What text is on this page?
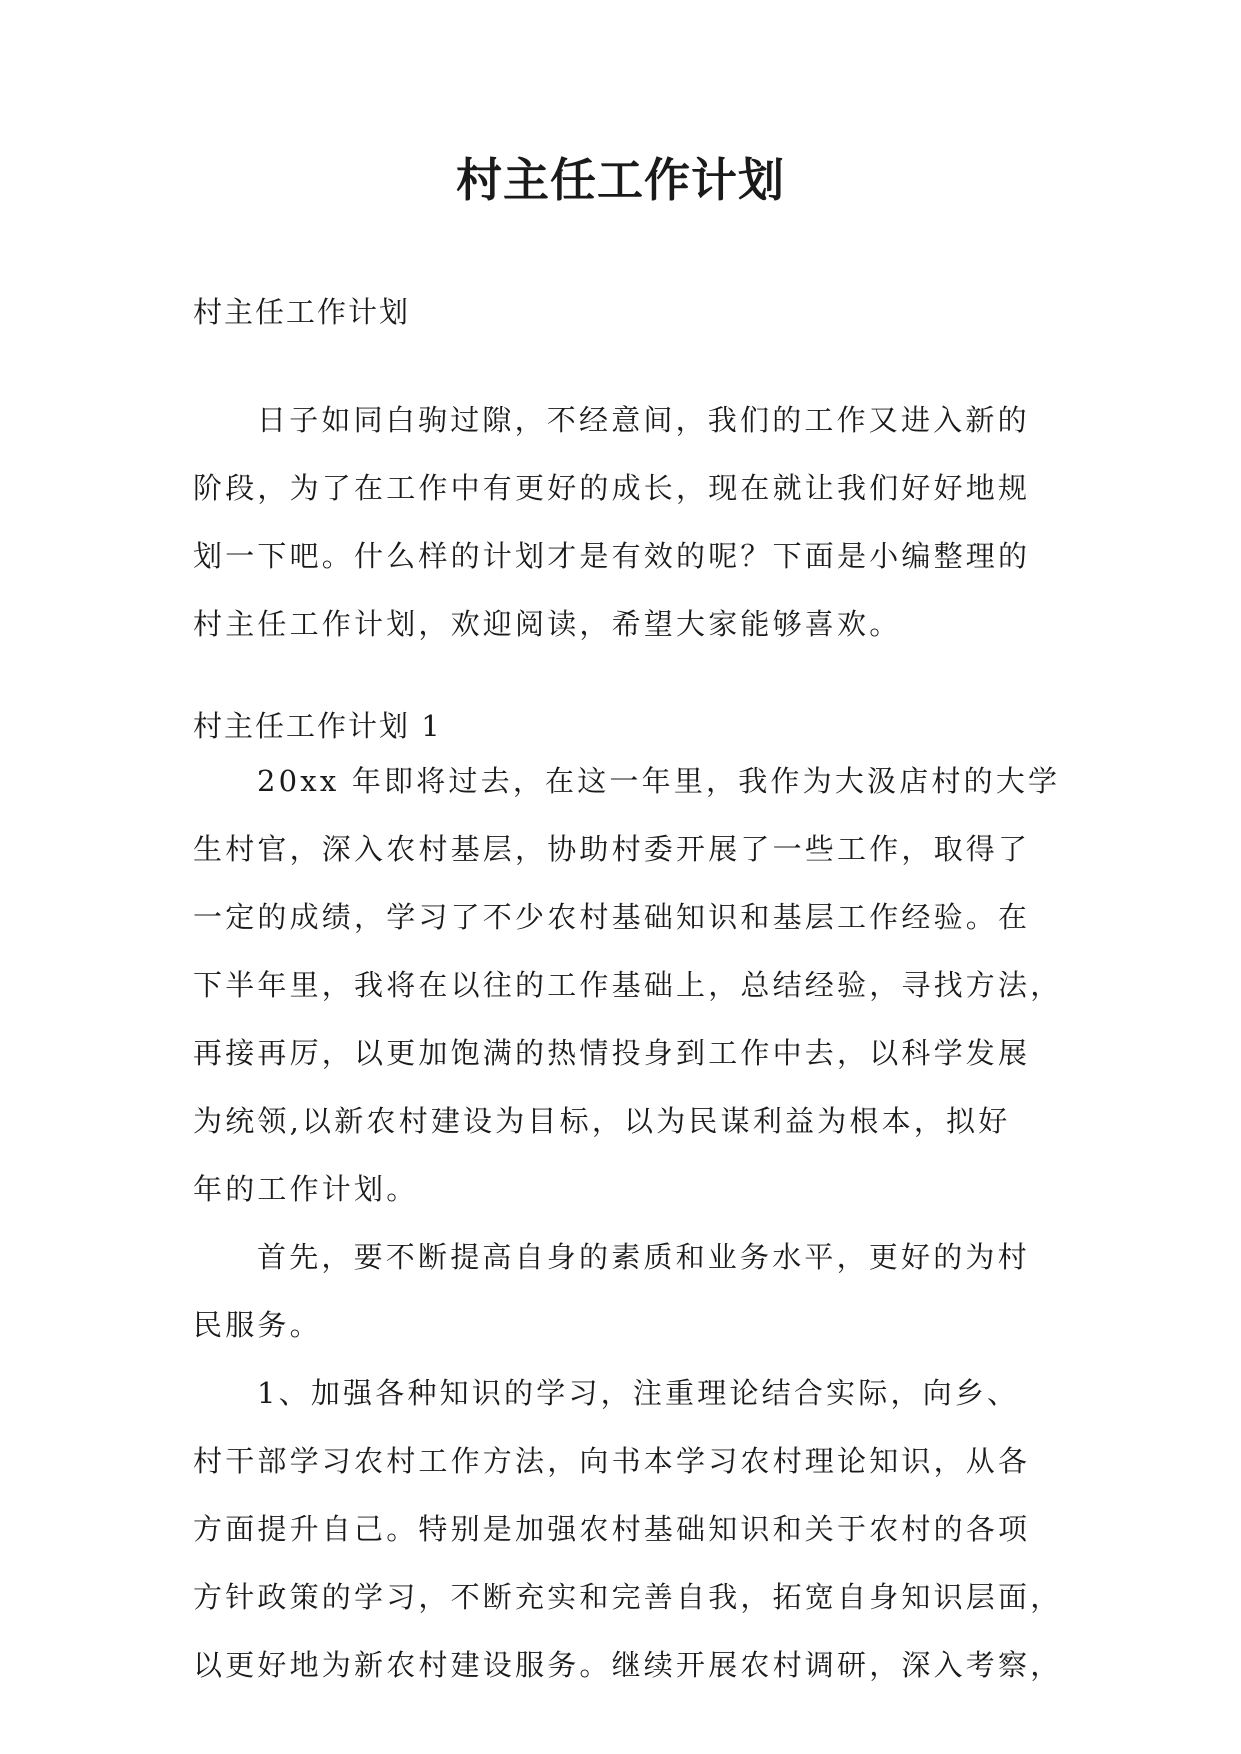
村主任工作计划
村主任工作计划
日子如同白驹过隙，不经意间，我们的工作又进入新的
阶段，为了在工作中有更好的成长，现在就让我们好好地规
划一下吧。什么样的计划才是有效的呢？下面是小编整理的
村主任工作计划，欢迎阅读，希望大家能够喜欢。
村主任工作计划 1
20xx 年即将过去，在这一年里，我作为大汲店村的大学
生村官，深入农村基层，协助村委开展了一些工作，取得了
一定的成绩，学习了不少农村基础知识和基层工作经验。在
下半年里，我将在以往的工作基础上，总结经验，寻找方法，
再接再厉，以更加饱满的热情投身到工作中去，以科学发展
为统领,以新农村建设为目标，以为民谋利益为根本，拟好
年的工作计划。
首先，要不断提高自身的素质和业务水平，更好的为村
民服务。
1、加强各种知识的学习，注重理论结合实际，向乡、
村干部学习农村工作方法，向书本学习农村理论知识，从各
方面提升自己。特别是加强农村基础知识和关于农村的各项
方针政策的学习，不断充实和完善自我，拓宽自身知识层面，
以更好地为新农村建设服务。继续开展农村调研，深入考察，
